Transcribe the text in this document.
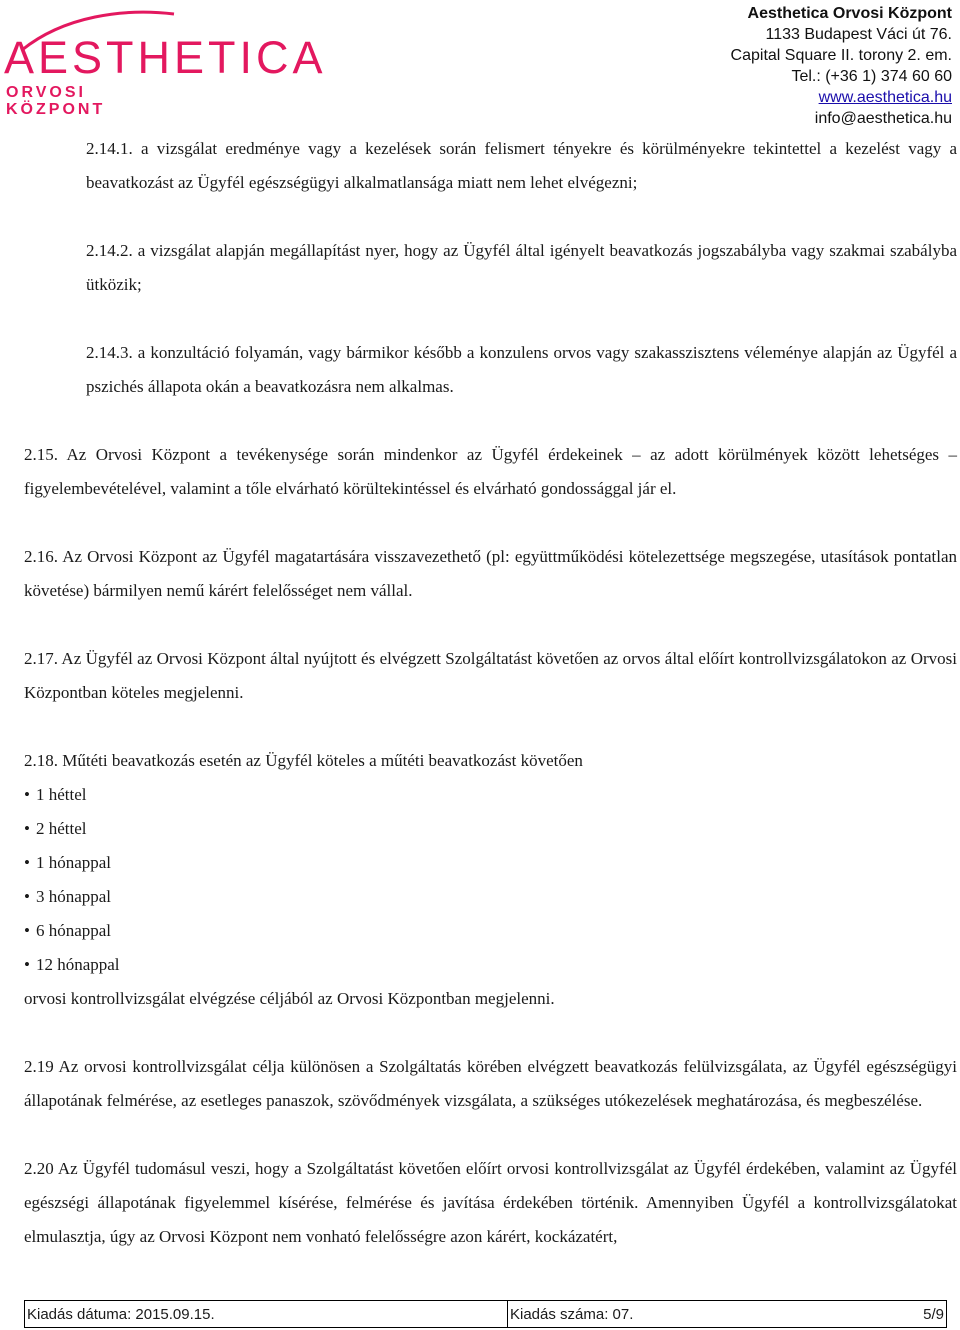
AESTHETICA
ORVOSI
KÖZPONT
Aesthetica Orvosi Központ
1133 Budapest Váci út 76.
Capital Square II. torony 2. em.
Tel.: (+36 1) 374 60 60
www.aesthetica.hu
info@aesthetica.hu

2.14.1. a vizsgálat eredménye vagy a kezelések során felismert tényekre és körülményekre tekintettel a kezelést vagy a beavatkozást az Ügyfél egészségügyi alkalmatlansága miatt nem lehet elvégezni;

2.14.2. a vizsgálat alapján megállapítást nyer, hogy az Ügyfél által igényelt beavatkozás jogszabályba vagy szakmai szabályba ütközik;

2.14.3. a konzultáció folyamán, vagy bármikor később a konzulens orvos vagy szakasszisztens véleménye alapján az Ügyfél a pszichés állapota okán a beavatkozásra nem alkalmas.

2.15. Az Orvosi Központ a tevékenysége során mindenkor az Ügyfél érdekeinek – az adott körülmények között lehetséges – figyelembevételével, valamint a tőle elvárható körültekintéssel és elvárható gondossággal jár el.

2.16. Az Orvosi Központ az Ügyfél magatartására visszavezethető (pl: együttműködési kötelezettsége megszegése, utasítások pontatlan követése) bármilyen nemű kárért felelősséget nem vállal.

2.17. Az Ügyfél az Orvosi Központ által nyújtott és elvégzett Szolgáltatást követően az orvos által előírt kontrollvizsgálatokon az Orvosi Központban köteles megjelenni.

2.18. Műtéti beavatkozás esetén az Ügyfél köteles a műtéti beavatkozást követően

• 1 héttel
• 2 héttel
• 1 hónappal
• 3 hónappal
• 6 hónappal
• 12 hónappal

orvosi kontrollvizsgálat elvégzése céljából az Orvosi Központban megjelenni.

2.19 Az orvosi kontrollvizsgálat célja különösen a Szolgáltatás körében elvégzett beavatkozás felülvizsgálata, az Ügyfél egészségügyi állapotának felmérése, az esetleges panaszok, szövődmények vizsgálata, a szükséges utókezelések meghatározása, és megbeszélése.

2.20 Az Ügyfél tudomásul veszi, hogy a Szolgáltatást követően előírt orvosi kontrollvizsgálat az Ügyfél érdekében, valamint az Ügyfél egészségi állapotának figyelemmel kísérése, felmérése és javítása érdekében történik. Amennyiben Ügyfél a kontrollvizsgálatokat elmulasztja, úgy az Orvosi Központ nem vonható felelősségre azon kárért, kockázatért,

Kiadás dátuma: 2015.09.15.	Kiadás száma: 07.	5/9
